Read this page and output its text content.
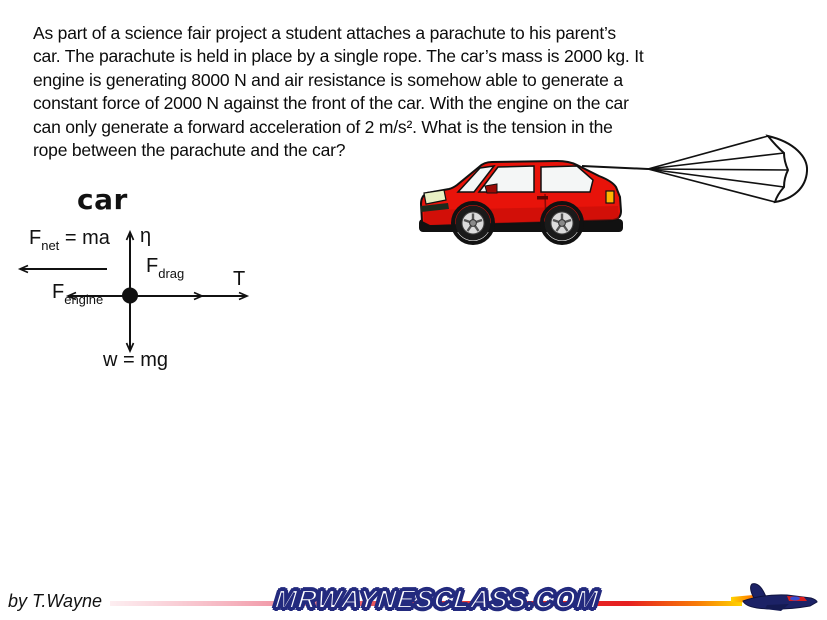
As part of a science fair project a student attaches a parachute to his parent’s
car. The parachute is held in place by a single rope. The car’s mass is 2000 kg. It
engine is generating 8000 N and air resistance is somehow able to generate a
constant force of 2000 N against the front of the car. With the engine on the car
can only generate a forward acceleration of 2 m/s². What is the tension in the
rope between the parachute and the car?
car
$F_{net}$ = ma η
$F_{drag}$ T
$F_{engine}$
w = mg
by T.Wayne	MRWAYNESCLASS.COM
